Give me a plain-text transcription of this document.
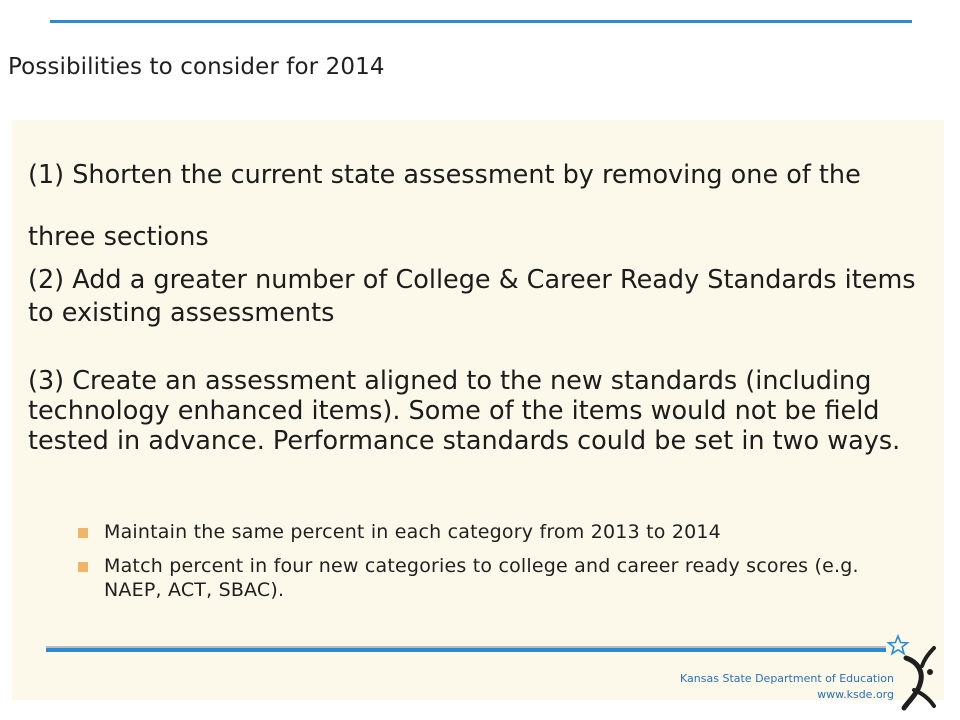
Possibilities to consider for 2014

(1) Shorten the current state assessment by removing one of the three sections

(2) Add a greater number of College & Career Ready Standards items to existing assessments

(3) Create an assessment aligned to the new standards (including technology enhanced items). Some of the items would not be field tested in advance. Performance standards could be set in two ways.

Maintain the same percent in each category from 2013 to 2014
Match percent in four new categories to college and career ready scores (e.g. NAEP, ACT, SBAC).
Kansas State Department of Education
www.ksde.org
